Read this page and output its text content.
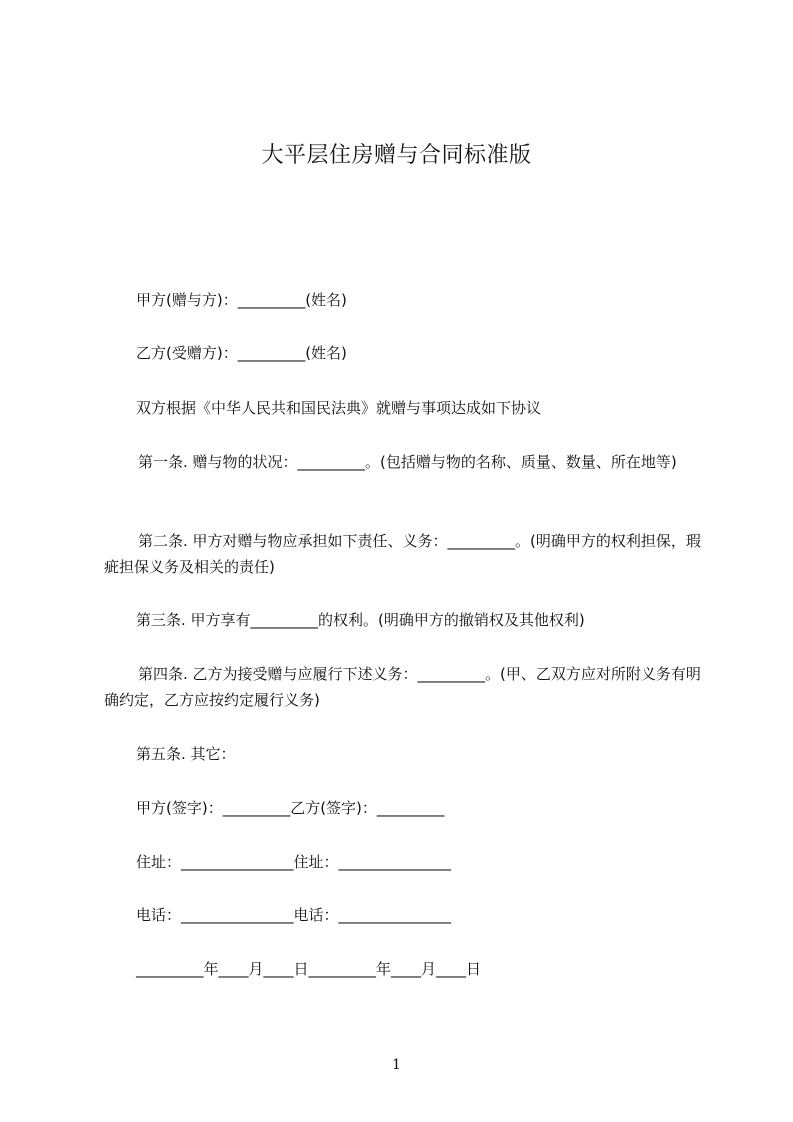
大平层住房赠与合同标准版

甲方(赠与方)：_________(姓名)

乙方(受赠方)：_________(姓名)

双方根据《中华人民共和国民法典》就赠与事项达成如下协议

第一条. 赠与物的状况：_________。(包括赠与物的名称、质量、数量、所在地等)

第二条. 甲方对赠与物应承担如下责任、义务：_________。(明确甲方的权利担保，瑕疵担保义务及相关的责任)

第三条. 甲方享有_________的权利。(明确甲方的撤销权及其他权利)

第四条. 乙方为接受赠与应履行下述义务：_________。(甲、乙双方应对所附义务有明确约定，乙方应按约定履行义务)

第五条. 其它：

甲方(签字)：_________乙方(签字)：_________

住址：_______________住址：_______________

电话：_______________电话：_______________

_________年____月____日_________年____月____日

1
